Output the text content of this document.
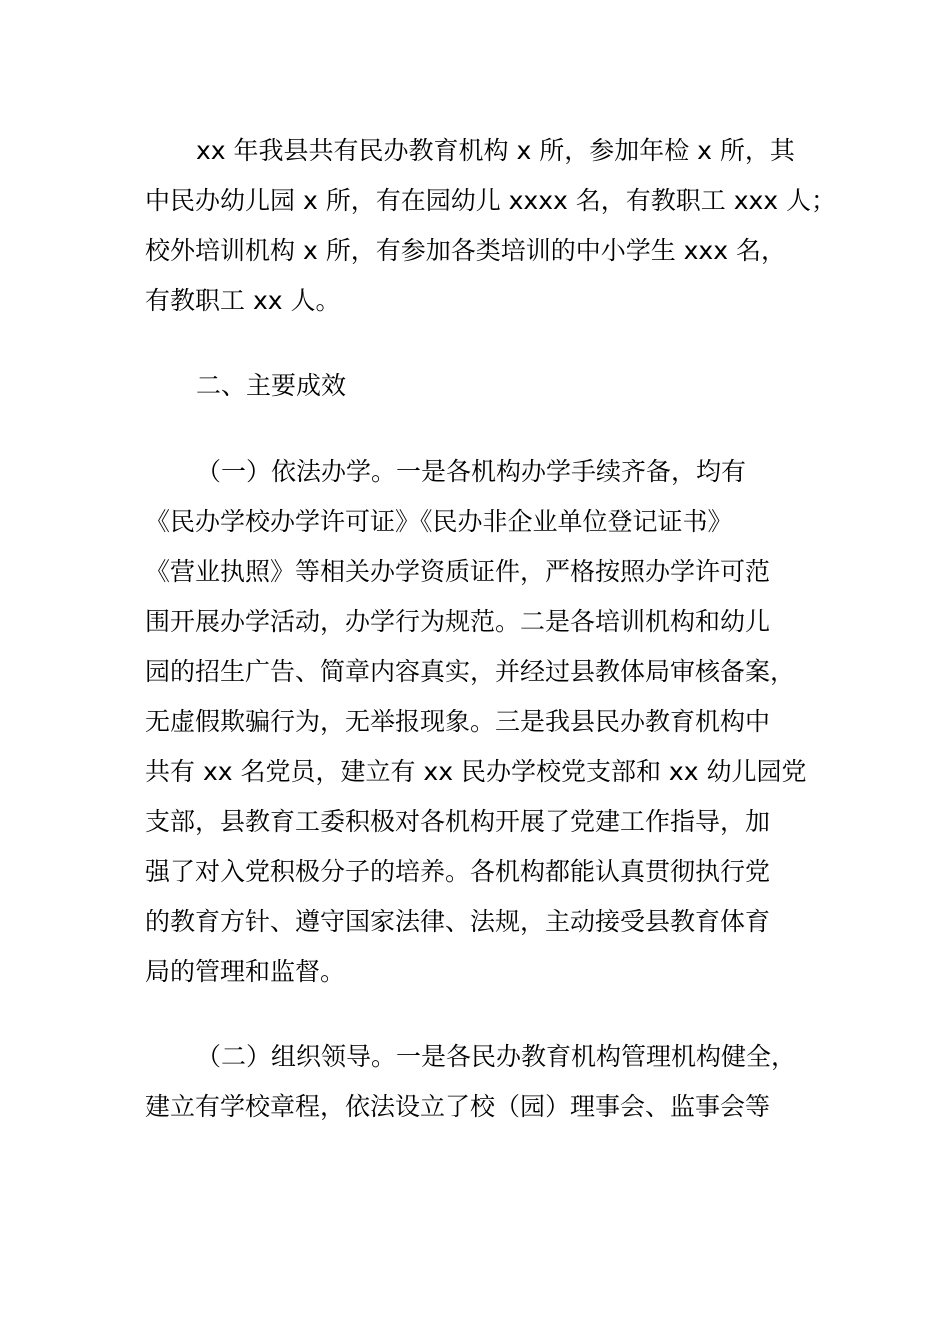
xx 年我县共有民办教育机构 x 所，参加年检 x 所，其
中民办幼儿园 x 所，有在园幼儿 xxxx 名，有教职工 xxx 人；
校外培训机构 x 所，有参加各类培训的中小学生 xxx 名，
有教职工 xx 人。
二、主要成效
（一）依法办学。一是各机构办学手续齐备，均有
《民办学校办学许可证》《民办非企业单位登记证书》
《营业执照》等相关办学资质证件，严格按照办学许可范
围开展办学活动，办学行为规范。二是各培训机构和幼儿
园的招生广告、简章内容真实，并经过县教体局审核备案，
无虚假欺骗行为，无举报现象。三是我县民办教育机构中
共有 xx 名党员，建立有 xx 民办学校党支部和 xx 幼儿园党
支部，县教育工委积极对各机构开展了党建工作指导，加
强了对入党积极分子的培养。各机构都能认真贯彻执行党
的教育方针、遵守国家法律、法规，主动接受县教育体育
局的管理和监督。
（二）组织领导。一是各民办教育机构管理机构健全，
建立有学校章程，依法设立了校（园）理事会、监事会等
